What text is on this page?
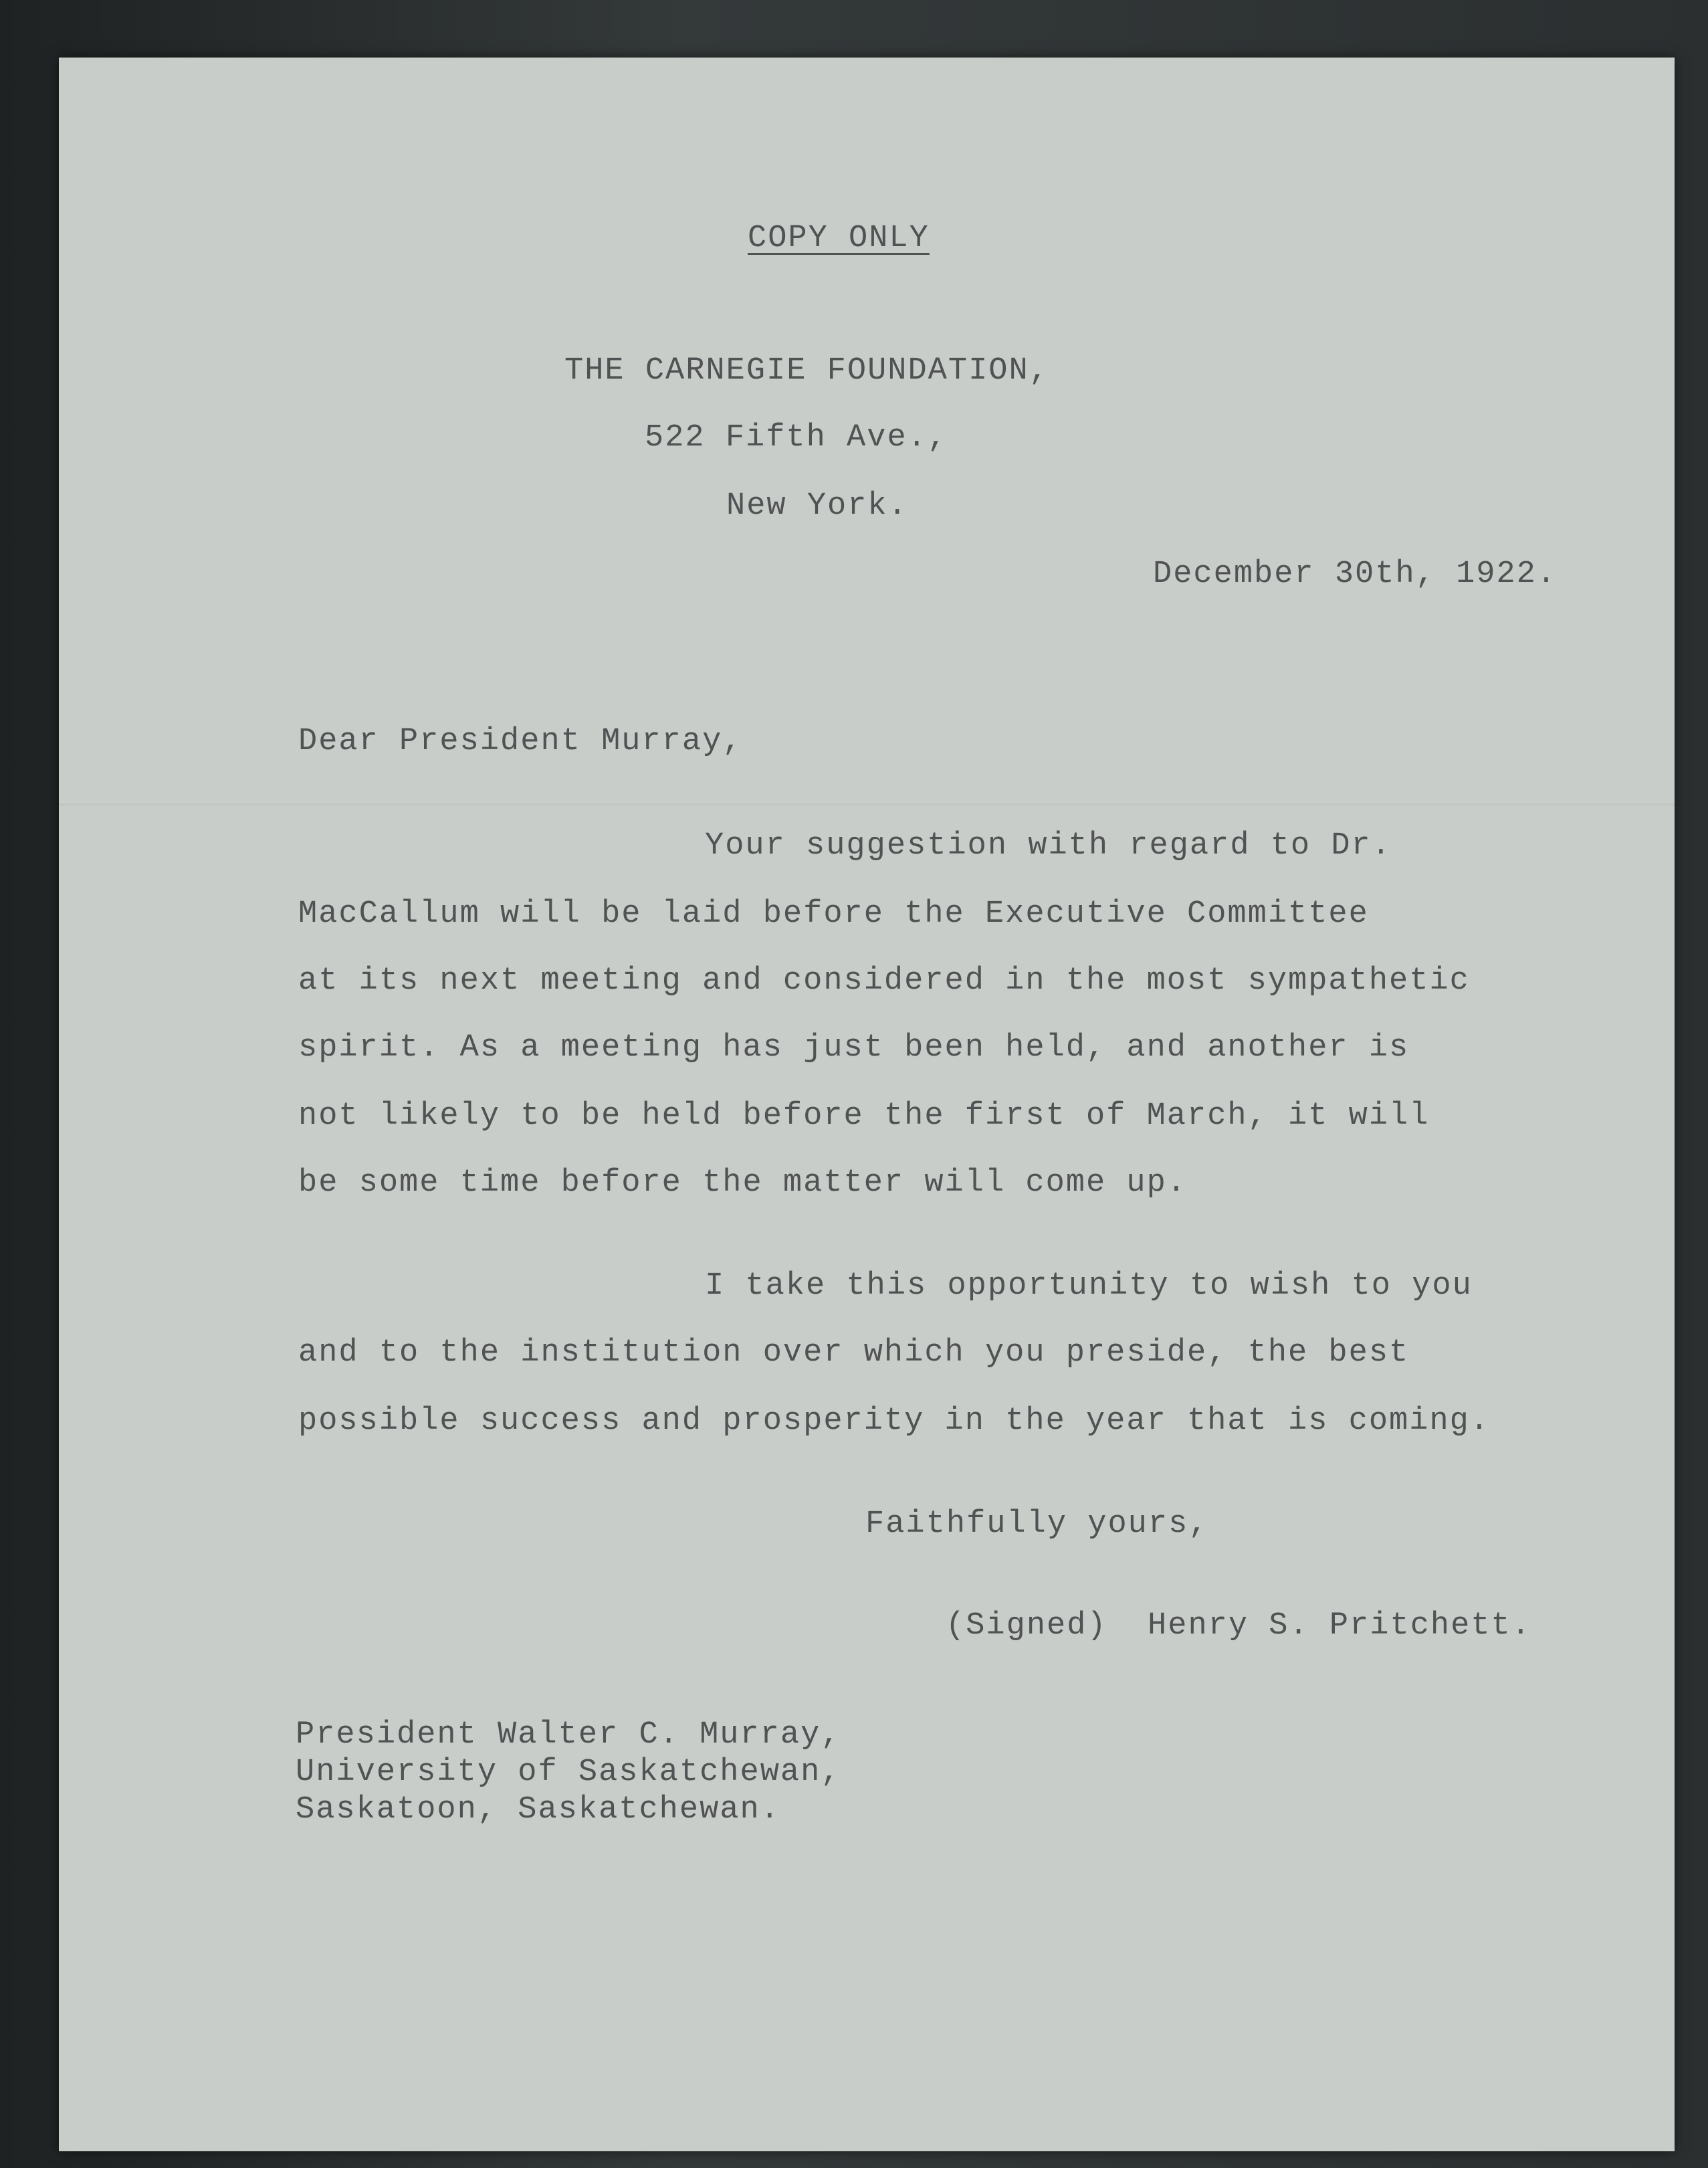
COPY ONLY
THE CARNEGIE FOUNDATION,
522 Fifth Ave.,
New York.
December 30th, 1922.
Dear President Murray,
Your suggestion with regard to Dr.
MacCallum will be laid before the Executive Committee
at its next meeting and considered in the most sympathetic
spirit. As a meeting has just been held, and another is
not likely to be held before the first of March, it will
be some time before the matter will come up.
I take this opportunity to wish to you
and to the institution over which you preside, the best
possible success and prosperity in the year that is coming.
Faithfully yours,
(Signed)  Henry S. Pritchett.
President Walter C. Murray,
University of Saskatchewan,
Saskatoon, Saskatchewan.
